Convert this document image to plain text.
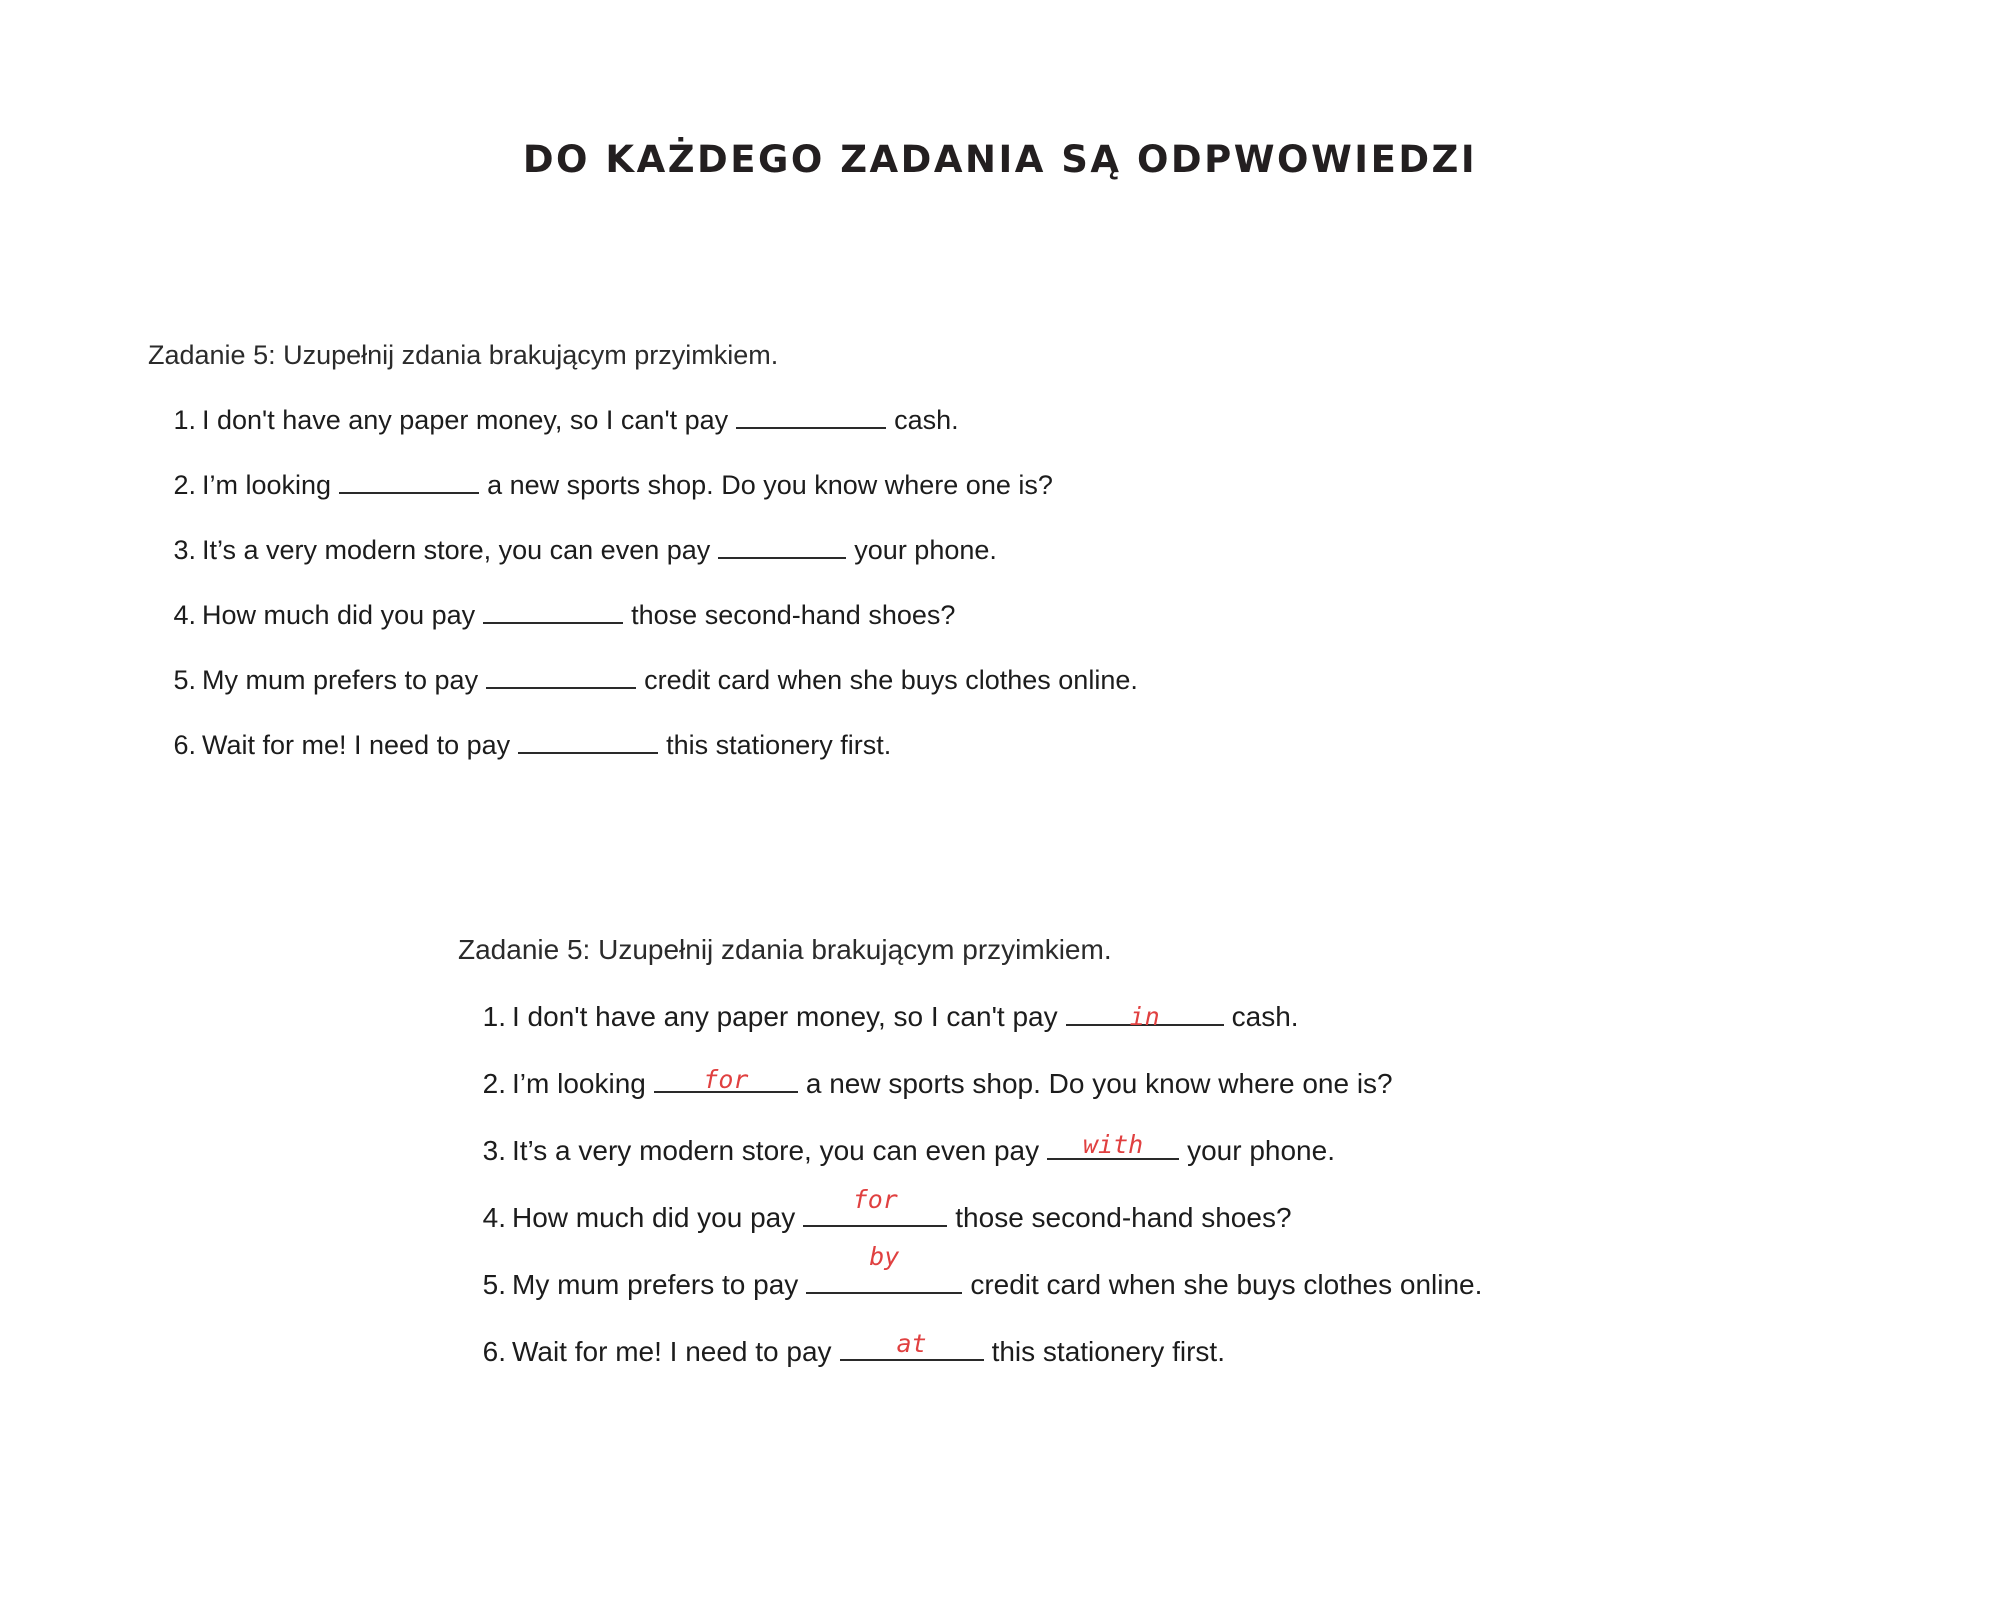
DO KAŻDEGO ZADANIA SĄ ODPWOWIEDZI
Zadanie 5: Uzupełnij zdania brakującym przyimkiem.
1. I don't have any paper money, so I can't pay	cash.
2. I’m looking	a new sports shop. Do you know where one is?
3. It’s a very modern store, you can even pay	your phone.
4. How much did you pay	those second-hand shoes?
5. My mum prefers to pay	credit card when she buys clothes online.
6. Wait for me! I need to pay	this stationery first.
Zadanie 5: Uzupełnij zdania brakującym przyimkiem.
1. I don't have any paper money, so I can't pay	in	cash.
2. I’m looking	for	a new sports shop. Do you know where one is?
3. It’s a very modern store, you can even pay	with	your phone.
4. How much did you pay
for
those second-hand shoes?
5. My mum prefers to pay
by
credit card when she buys clothes online.
6. Wait for me! I need to pay	at	this stationery first.
